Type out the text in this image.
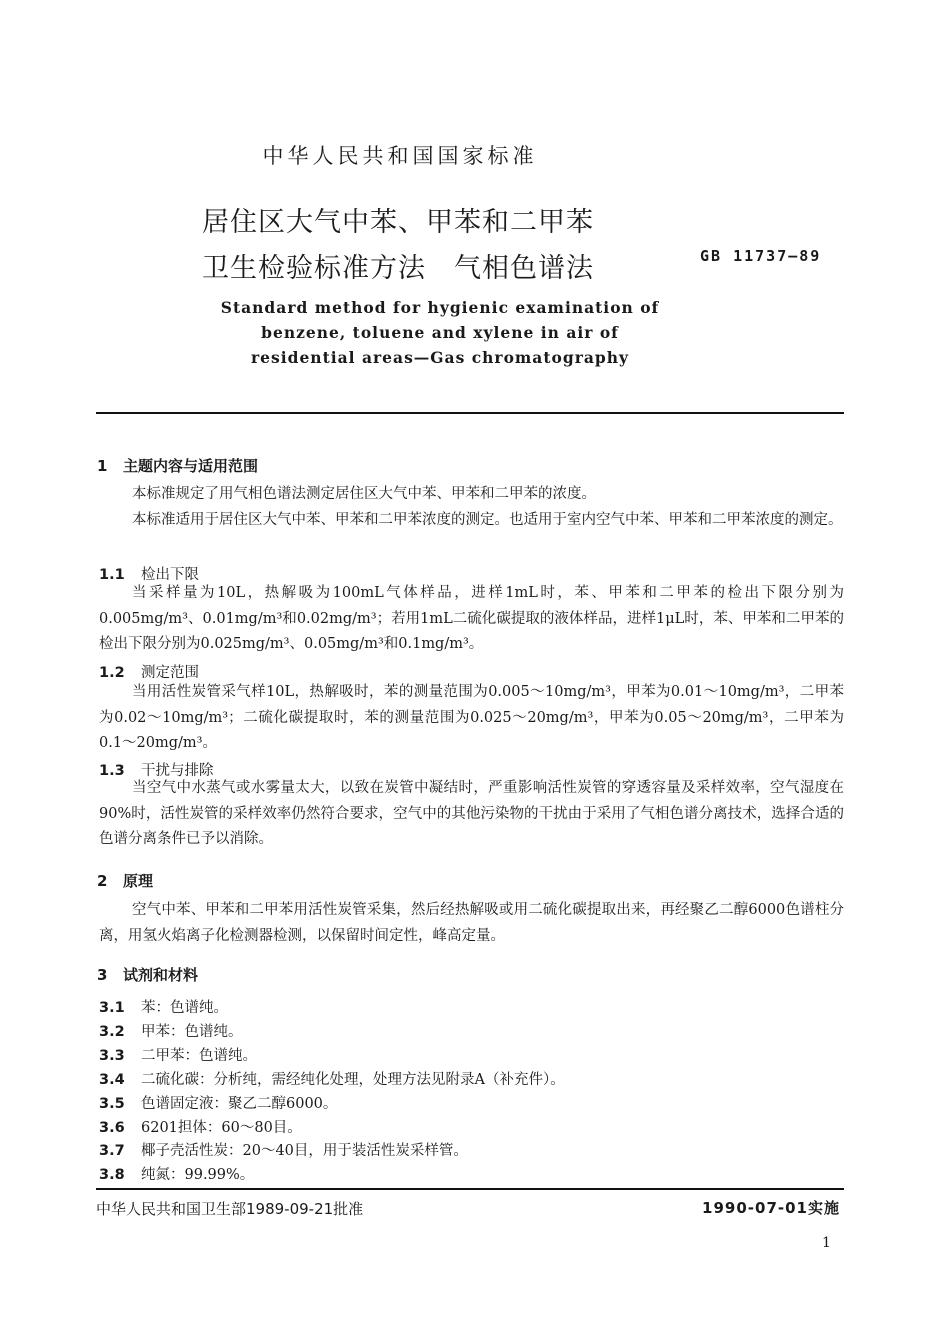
中华人民共和国国家标准
居住区大气中苯、甲苯和二甲苯
卫生检验标准方法　气相色谱法	GB 11737—89
Standard method for hygienic examination of
benzene, toluene and xylene in air of
residential areas—Gas chromatography
1 主题内容与适用范围

本标准规定了用气相色谱法测定居住区大气中苯、甲苯和二甲苯的浓度。

本标准适用于居住区大气中苯、甲苯和二甲苯浓度的测定。也适用于室内空气中苯、甲苯和二甲苯浓度的测定。

1.1 检出下限

当采样量为10L，热解吸为100mL气体样品，进样1mL时，苯、甲苯和二甲苯的检出下限分别为0.005mg/m³、0.01mg/m³和0.02mg/m³；若用1mL二硫化碳提取的液体样品，进样1μL时，苯、甲苯和二甲苯的检出下限分别为0.025mg/m³、0.05mg/m³和0.1mg/m³。

1.2 测定范围

当用活性炭管采气样10L，热解吸时，苯的测量范围为0.005～10mg/m³，甲苯为0.01～10mg/m³，二甲苯为0.02～10mg/m³；二硫化碳提取时，苯的测量范围为0.025～20mg/m³，甲苯为0.05～20mg/m³，二甲苯为0.1～20mg/m³。

1.3 干扰与排除

当空气中水蒸气或水雾量太大，以致在炭管中凝结时，严重影响活性炭管的穿透容量及采样效率，空气湿度在90%时，活性炭管的采样效率仍然符合要求，空气中的其他污染物的干扰由于采用了气相色谱分离技术，选择合适的色谱分离条件已予以消除。

2 原理

空气中苯、甲苯和二甲苯用活性炭管采集，然后经热解吸或用二硫化碳提取出来，再经聚乙二醇6000色谱柱分离，用氢火焰离子化检测器检测，以保留时间定性，峰高定量。

3 试剂和材料
3.1 苯：色谱纯。
3.2 甲苯：色谱纯。
3.3 二甲苯：色谱纯。
3.4 二硫化碳：分析纯，需经纯化处理，处理方法见附录A（补充件）。
3.5 色谱固定液：聚乙二醇6000。
3.6 6201担体：60～80目。
3.7 椰子壳活性炭：20～40目，用于装活性炭采样管。
3.8 纯氮：99.99%。
中华人民共和国卫生部1989-09-21批准	1990-07-01实施
1
